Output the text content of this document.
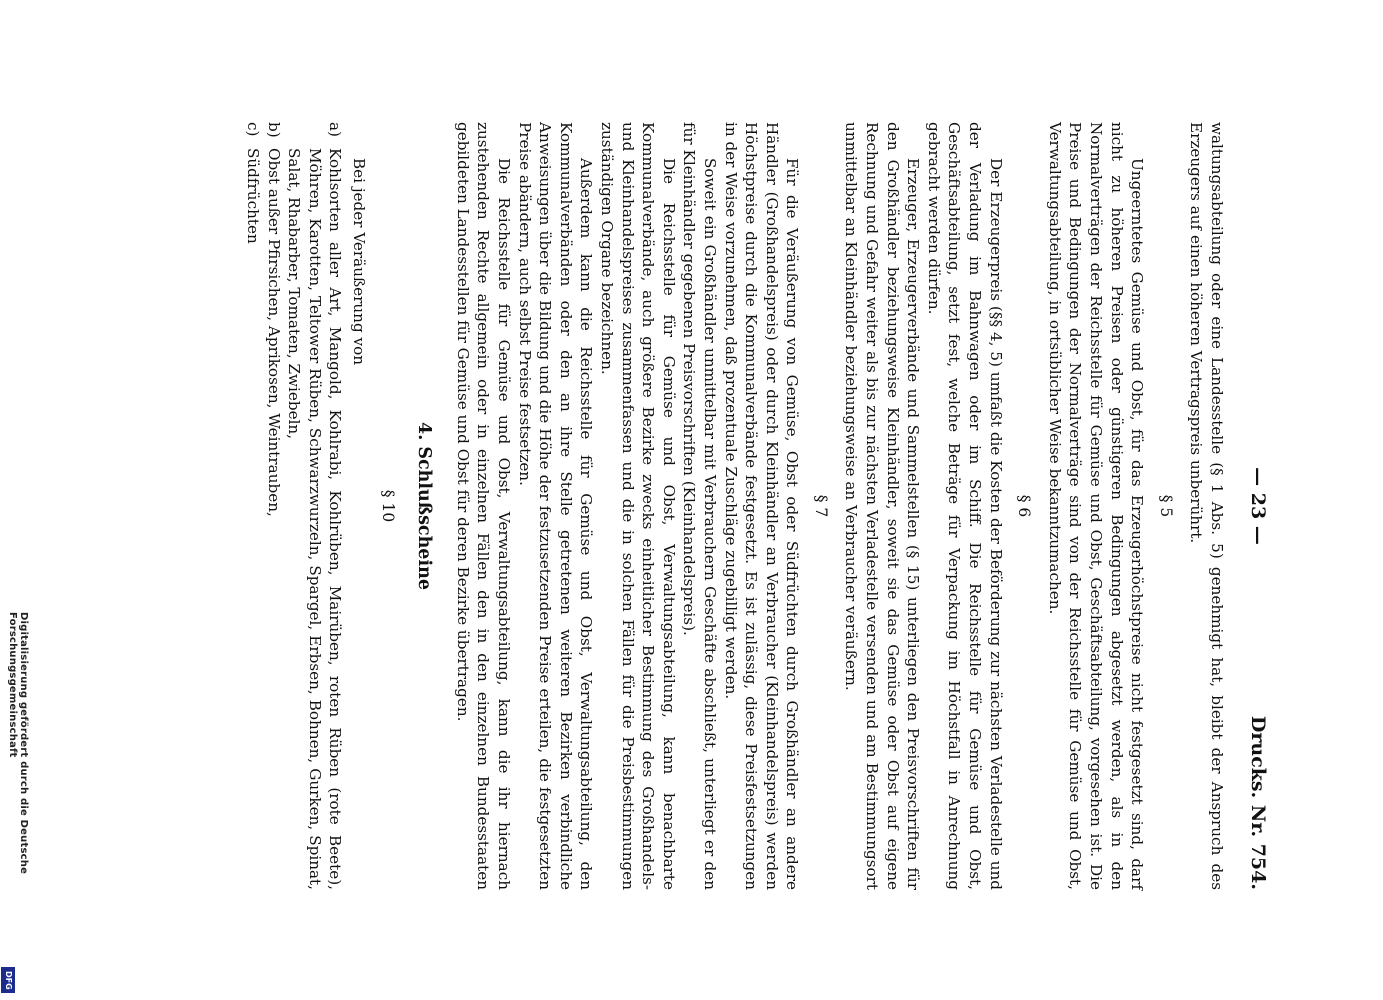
— 23 —
Drucks. Nr. 754.

waltungsabteilung oder eine Landesstelle (§ 1 Abs. 5) genehmigt hat, bleibt der Anspruch des Erzeugers auf einen höheren Vertragspreis unberührt.

§ 5

Ungeerntetes Gemüse und Obst, für das Erzeugerhöchstpreise nicht festgesetzt sind, darf nicht zu höheren Preisen oder günstigeren Bedingungen abgesetzt werden, als in den Normalverträgen der Reichsstelle für Gemüse und Obst, Geschäftsabteilung, vorgesehen ist. Die Preise und Bedingungen der Normalverträge sind von der Reichsstelle für Gemüse und Obst, Verwaltungsabteilung, in ortsüblicher Weise bekanntzumachen.

§ 6

Der Erzeugerpreis (§§ 4, 5) umfaßt die Kosten der Beförderung zur nächsten Verladestelle und der Verladung im Bahnwagen oder im Schiff. Die Reichsstelle für Gemüse und Obst, Geschäftsabteilung, setzt fest, welche Beträge für Verpackung im Höchstfall in Anrechnung gebracht werden dürfen.

Erzeuger, Erzeugerverbände und Sammelstellen (§ 15) unterliegen den Preisvorschriften für den Großhändler beziehungsweise Kleinhändler, soweit sie das Gemüse oder Obst auf eigene Rechnung und Gefahr weiter als bis zur nächsten Verladestelle versenden und am Bestimmungsort unmittelbar an Kleinhändler beziehungsweise an Verbraucher veräußern.

§ 7

Für die Veräußerung von Gemüse, Obst oder Südfrüchten durch Großhändler an andere Händler (Großhandelspreis) oder durch Kleinhändler an Verbraucher (Kleinhandelspreis) werden Höchstpreise durch die Kommunalverbände festgesetzt. Es ist zulässig, diese Preisfestsetzungen in der Weise vorzunehmen, daß prozentuale Zuschläge zugebilligt werden.

Soweit ein Großhändler unmittelbar mit Verbrauchern Geschäfte abschließt, unterliegt er den für Kleinhändler gegebenen Preisvorschriften (Kleinhandelspreis).

Die Reichsstelle für Gemüse und Obst, Verwaltungsabteilung, kann benachbarte Kommunalverbände, auch größere Bezirke zwecks einheitlicher Bestimmung des Großhandels- und Kleinhandelspreises zusammenfassen und die in solchen Fällen für die Preisbestimmungen zuständigen Organe bezeichnen.

Außerdem kann die Reichsstelle für Gemüse und Obst, Verwaltungsabteilung, den Kommunalverbänden oder den an ihre Stelle getretenen weiteren Bezirken verbindliche Anweisungen über die Bildung und die Höhe der festzusetzenden Preise erteilen, die festgesetzten Preise abändern, auch selbst Preise festsetzen.

Die Reichsstelle für Gemüse und Obst, Verwaltungsabteilung, kann die ihr hiernach zustehenden Rechte allgemein oder in einzelnen Fällen den in den einzelnen Bundesstaaten gebildeten Landesstellen für Gemüse und Obst für deren Bezirke übertragen.

4. Schlußscheine
§ 10

Bei jeder Veräußerung von

a)
Kohlsorten aller Art, Mangold, Kohlrabi, Kohlrüben, Mairüben, roten Rüben (rote Beete), Möhren, Karotten, Teltower Rüben, Schwarzwurzeln, Spargel, Erbsen, Bohnen, Gurken, Spinat, Salat, Rhabarber, Tomaten, Zwiebeln,
b)
Obst außer Pfirsichen, Aprikosen, Weintrauben,
c)
Südfrüchten
Digitalisierung gefördert durch die Deutsche Forschungsgemeinschaft
DFG
